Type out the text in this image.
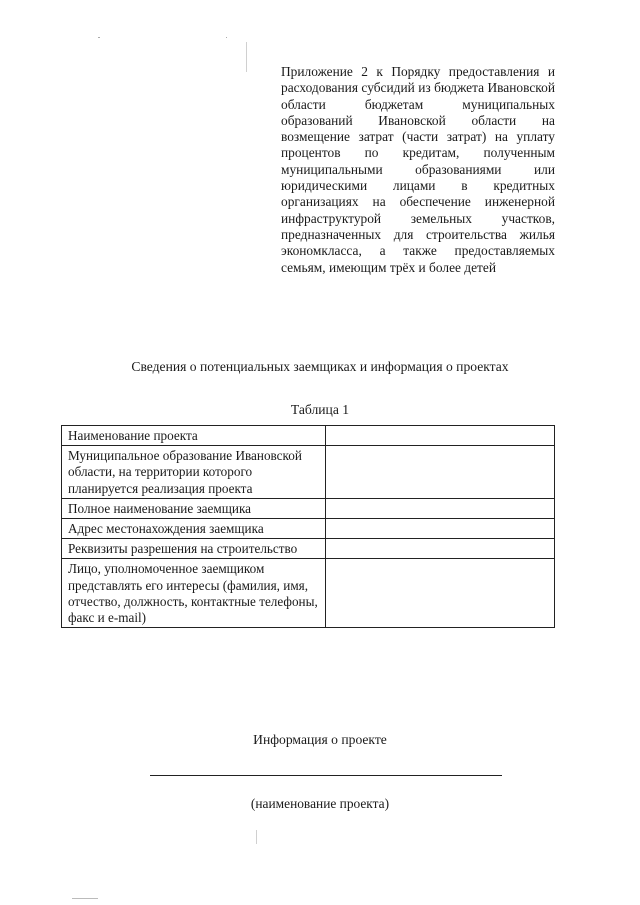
Приложение 2 к Порядку предоставления и расходования субсидий из бюджета Ивановской области бюджетам муниципальных образований Ивановской области на возмещение затрат (части затрат) на уплату процентов по кредитам, полученным муниципальными образованиями или юридическими лицами в кредитных организациях на обеспечение инженерной инфраструктурой земельных участков, предназначенных для строительства жилья экономкласса, а также предоставляемых семьям, имеющим трёх и более детей
Сведения о потенциальных заемщиках и информация о проектах
Таблица 1
Наименование проекта	
Муниципальное образование Ивановской области, на территории которого планируется реализация проекта	
Полное наименование заемщика	
Адрес местонахождения заемщика	
Реквизиты разрешения на строительство	
Лицо, уполномоченное заемщиком представлять его интересы (фамилия, имя, отчество, должность, контактные телефоны, факс и e-mail)	
Информация о проекте
(наименование проекта)
